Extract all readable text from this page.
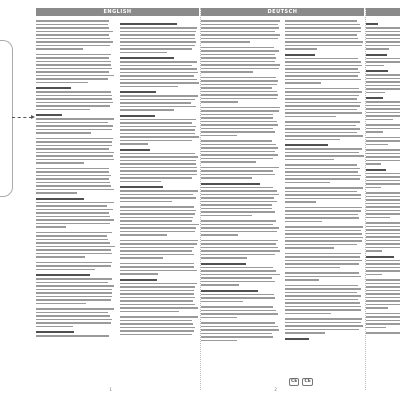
ENGLISH
1
DEUTSCH
CE	CE
2
